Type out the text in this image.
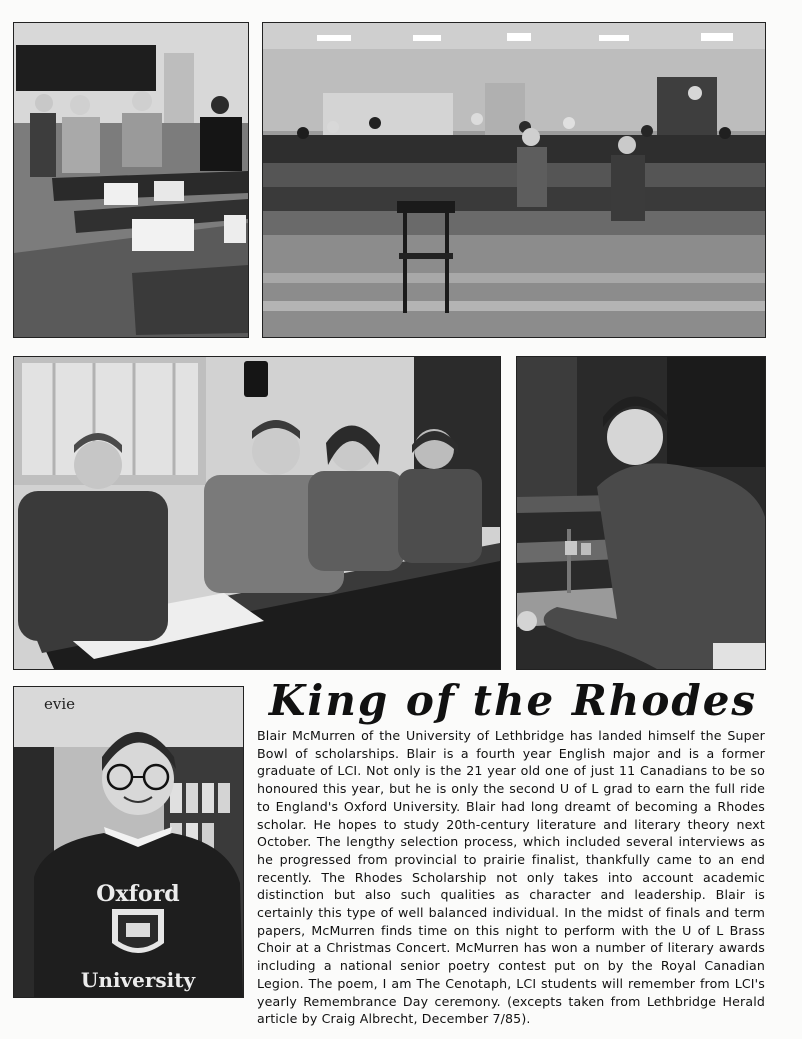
evie
Oxford
University
King of the Rhodes

Blair McMurren of the University of Lethbridge has landed himself the Super Bowl of scholarships. Blair is a fourth year English major and is a former graduate of LCI. Not only is the 21 year old one of just 11 Canadians to be so honoured this year, but he is only the second U of L grad to earn the full ride to England's Oxford University. Blair had long dreamt of becoming a Rhodes scholar. He hopes to study 20th-century literature and literary theory next October. The lengthy selection process, which included several interviews as he progressed from provincial to prairie finalist, thankfully came to an end recently. The Rhodes Scholarship not only takes into account academic distinction but also such qualities as character and leadership. Blair is certainly this type of well balanced individual. In the midst of finals and term papers, McMurren finds time on this night to perform with the U of L Brass Choir at a Christmas Concert. McMurren has won a number of literary awards including a national senior poetry contest put on by the Royal Canadian Legion. The poem, I am The Cenotaph, LCI students will remember from LCI's yearly Remembrance Day ceremony. (excepts taken from Lethbridge Herald article by Craig Albrecht, December 7/85).
